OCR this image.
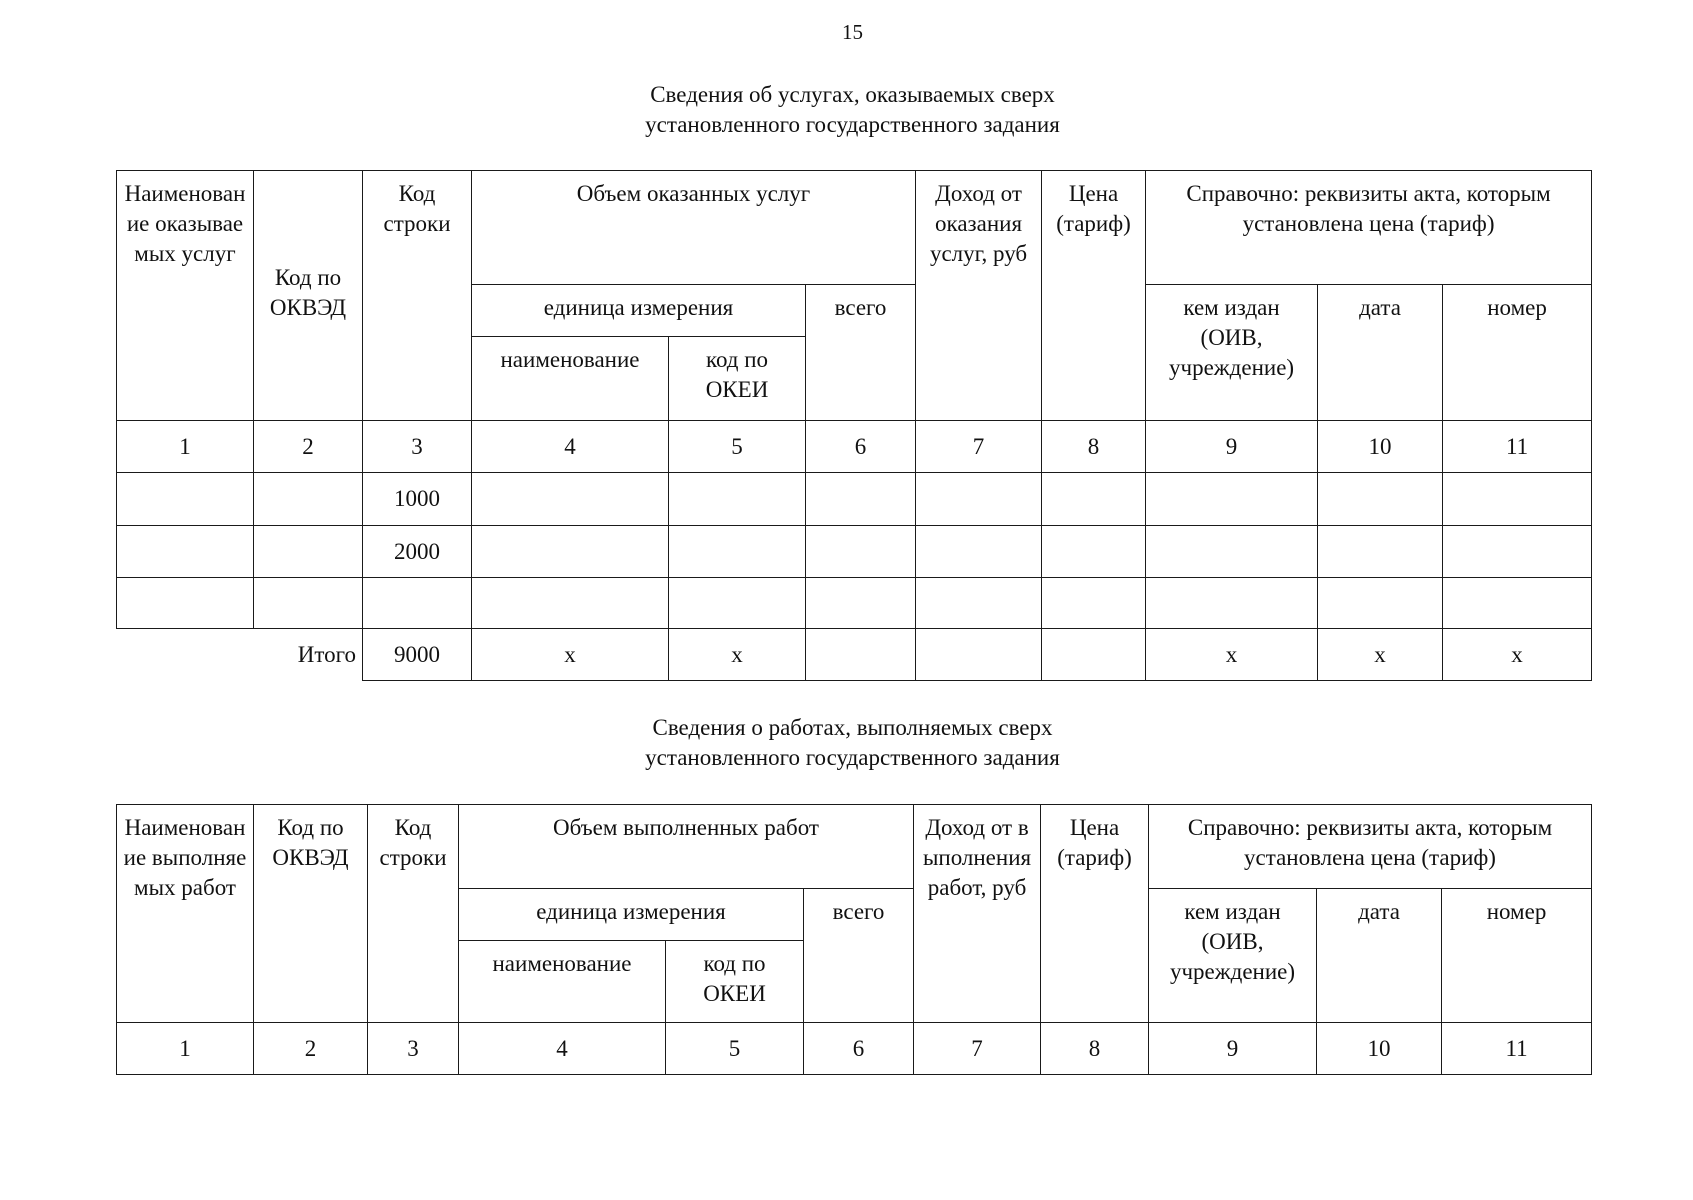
15
Сведения об услугах, оказываемых сверх
установленного государственного задания
Наименование оказываемых услуг	Код по ОКВЭД	Код строки	Объем оказанных услуг			Доход от оказания услуг, руб	Цена (тариф)	Справочно: реквизиты акта, которым установлена цена (тариф)		
			единица измерения		всего			кем издан (ОИВ, учреждение)	дата	номер
			наименование	код по ОКЕИ						
1	2	3	4	5	6	7	8	9	10	11
		1000								
		2000								

Итого		9000	x	x				x	x	x
Сведения о работах, выполняемых сверх
установленного государственного задания
Наименование выполняемых работ	Код по ОКВЭД	Код строки	Объем выполненных работ			Доход от выполнения работ, руб	Цена (тариф)	Справочно: реквизиты акта, которым установлена цена (тариф)		
			единица измерения		всего			кем издан (ОИВ, учреждение)	дата	номер
			наименование	код по ОКЕИ						
1	2	3	4	5	6	7	8	9	10	11
